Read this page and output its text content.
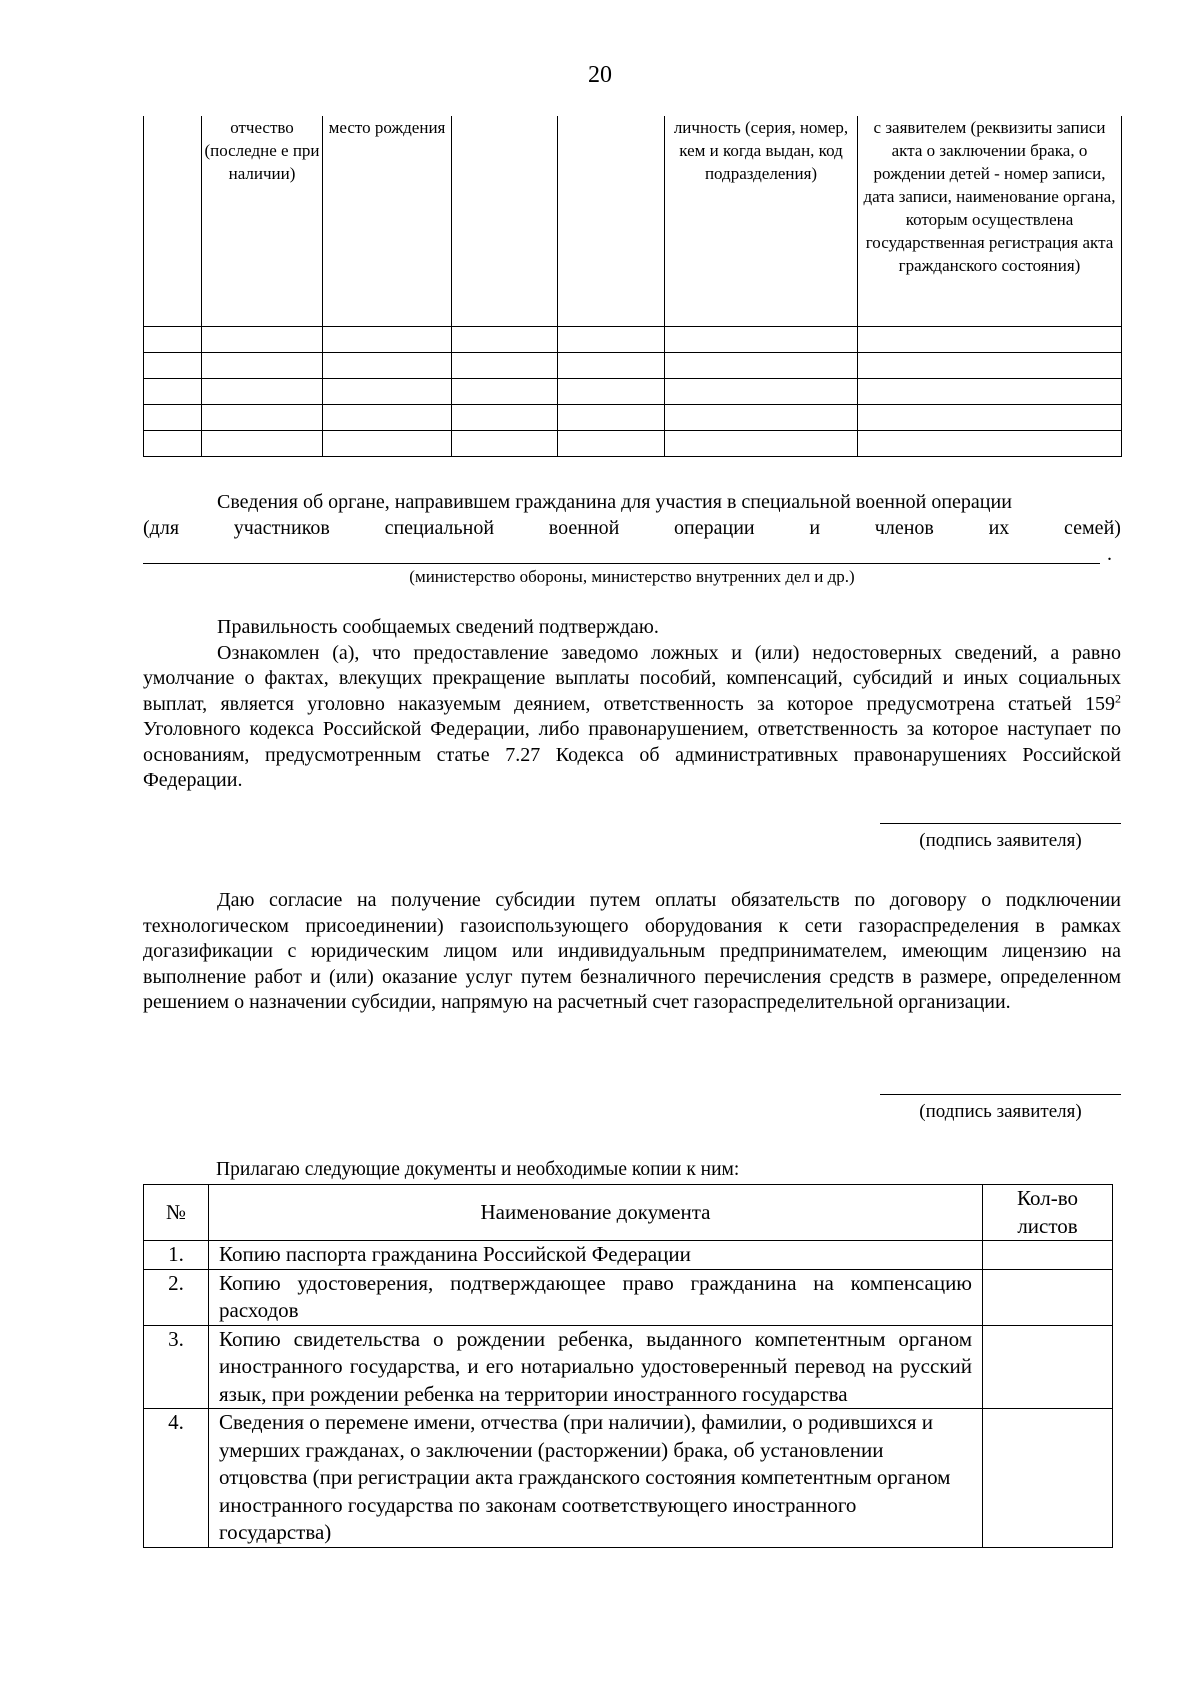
20
	отчество (последне е при наличии)	место рождения			личность (серия, номер, кем и когда выдан, код подразделения)	с заявителем (реквизиты записи акта о заключении брака, о рождении детей - номер записи, дата записи, наименование органа, которым осуществлена государственная регистрация акта гражданского состояния)

Сведения об органе, направившем гражданина для участия в специальной военной операции
(для	участников	специальной	военной	операции	и	членов	их	семей)
.
(министерство обороны, министерство внутренних дел и др.)
Правильность сообщаемых сведений подтверждаю.
Ознакомлен (а), что предоставление заведомо ложных и (или) недостоверных сведений, а равно умолчание о фактах, влекущих прекращение выплаты пособий, компенсаций, субсидий и иных социальных выплат, является уголовно наказуемым деянием, ответственность за которое предусмотрена статьей $159^2$ Уголовного кодекса Российской Федерации, либо правонарушением, ответственность за которое наступает по основаниям, предусмотренным статье 7.27 Кодекса об административных правонарушениях Российской Федерации.
(подпись заявителя)
Даю согласие на получение субсидии путем оплаты обязательств по договору о подключении технологическом присоединении) газоиспользующего оборудования к сети газораспределения в рамках догазификации с юридическим лицом или индивидуальным предпринимателем, имеющим лицензию на выполнение работ и (или) оказание услуг путем безналичного перечисления средств в размере, определенном решением о назначении субсидии, напрямую на расчетный счет газораспределительной организации.
(подпись заявителя)
Прилагаю следующие документы и необходимые копии к ним:
№	Наименование документа	Кол-во листов
1.	Копию паспорта гражданина Российской Федерации	
2.	Копию удостоверения, подтверждающее право гражданина на компенсацию расходов	
3.	Копию свидетельства о рождении ребенка, выданного компетентным органом иностранного государства, и его нотариально удостоверенный перевод на русский язык, при рождении ребенка на территории иностранного государства	
4.	Сведения о перемене имени, отчества (при наличии), фамилии, о родившихся и умерших гражданах, о заключении (расторжении) брака, об установлении отцовства (при регистрации акта гражданского состояния компетентным органом иностранного государства по законам соответствующего иностранного государства)	
